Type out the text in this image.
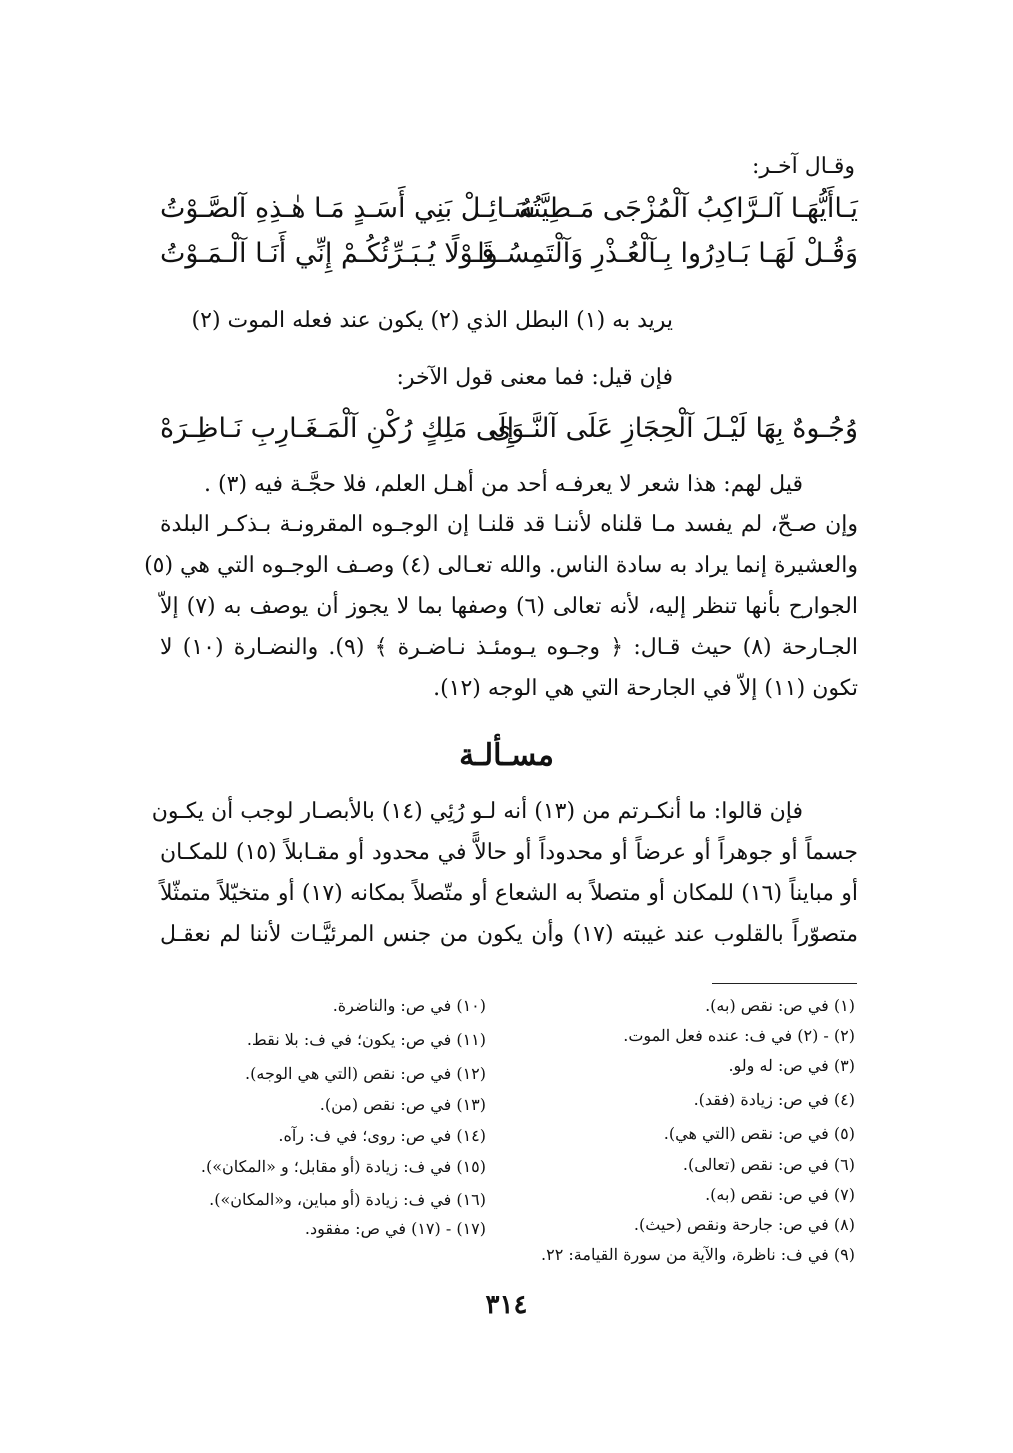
وقـال آخـر:
يَـاأَيُّهَـا آلـرَّاكِبُ آلْمُزْجَى مَـطِيَّتُهُ
سَـائِـلْ بَنِي أَسَـدٍ مَـا هٰـذِهِ آلصَّـوْتُ
وَقُـلْ لَهَـا بَـادِرُوا بِـآلْعُـذْرِ وَآلْتَمِسُـوا
قَـوْلًا يُـبَـرِّئُكُـمْ إِنِّي أَنَـا آلْـمَـوْتُ
يريد به (١) البطل الذي (٢) يكون عند فعله الموت (٢)
فإن قيل: فما معنى قول الآخر:
وُجُـوهٌ بِهَا لَيْـلَ آلْحِجَازِ عَلَى آلنَّـوَى
إِلَى مَلِكٍ رُكْنِ آلْمَـغَـارِبِ نَـاظِـرَهْ
قيل لهم: هذا شعر لا يعرفـه أحد من أهـل العلم، فلا حجَّـة فيه (٣) .
وإن صـحّ، لم يفسد مـا قلناه لأننـا قد قلنـا إن الوجـوه المقرونـة بـذكـر البلدة
والعشيرة إنما يراد به سادة الناس. والله تعـالى (٤) وصـف الوجـوه التي هي (٥)
الجوارح بأنها تنظر إليه، لأنه تعالى (٦) وصفها بما لا يجوز أن يوصف به (٧) إلاّ
الجـارحة (٨) حيث قـال: ﴿ وجـوه يـومئـذ نـاضـرة ﴾ (٩). والنضـارة (١٠) لا
تكون (١١) إلاّ في الجارحة التي هي الوجه (١٢).
مسـألـة
فإن قالوا: ما أنكـرتم من (١٣) أنه لـو رُئِي (١٤) بالأبصـار لوجب أن يكـون
جسماً أو جوهراً أو عرضاً أو محدوداً أو حالاًّ في محدود أو مقـابلاً (١٥) للمكـان
أو مبايناً (١٦) للمكان أو متصلاً به الشعاع أو متّصلاً بمكانه (١٧) أو متخيّلاً متمثّلاً
متصوّراً بالقلوب عند غيبته (١٧) وأن يكون من جنس المرئيَّـات لأننا لم نعقـل
(١) في ص: نقص (به).
(٢) - (٢) في ف: عنده فعل الموت.
(٣) في ص: له ولو.
(٤) في ص: زيادة (فقد).
(٥) في ص: نقص (التي هي).
(٦) في ص: نقص (تعالى).
(٧) في ص: نقص (به).
(٨) في ص: جارحة ونقص (حيث).
(٩) في ف: ناظرة، والآية من سورة القيامة: ٢٢.
(١٠) في ص: والناضرة.
(١١) في ص: يكون؛ في ف: بلا نقط.
(١٢) في ص: نقص (التي هي الوجه).
(١٣) في ص: نقص (من).
(١٤) في ص: روى؛ في ف: رآه.
(١٥) في ف: زيادة (أو مقابل؛ و «المكان»).
(١٦) في ف: زيادة (أو مباين، و«المكان»).
(١٧) - (١٧) في ص: مفقود.
٣١٤
